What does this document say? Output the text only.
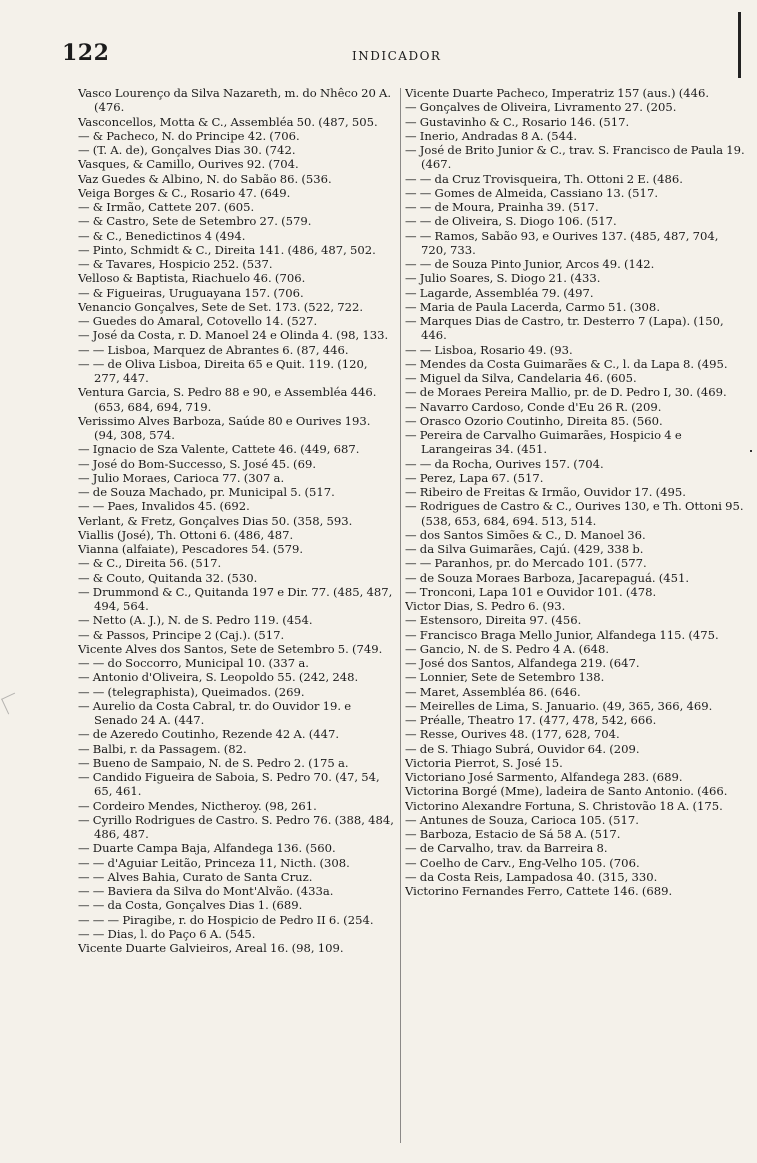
122	INDICADOR
Vasco Lourenço da Silva Nazareth, m. do Nhêco 20 A. (476.
Vasconcellos, Motta & C., Assembléa 50. (487, 505.
— & Pacheco, N. do Principe 42. (706.
— (T. A. de), Gonçalves Dias 30. (742.
Vasques, & Camillo, Ourives 92. (704.
Vaz Guedes & Albino, N. do Sabão 86. (536.
Veiga Borges & C., Rosario 47. (649.
— & Irmão, Cattete 207. (605.
— & Castro, Sete de Setembro 27. (579.
— & C., Benedictinos 4 (494.
— Pinto, Schmidt & C., Direita 141. (486, 487, 502.
— & Tavares, Hospicio 252. (537.
Velloso & Baptista, Riachuelo 46. (706.
— & Figueiras, Uruguayana 157. (706.
Venancio Gonçalves, Sete de Set. 173. (522, 722.
— Guedes do Amaral, Cotovello 14. (527.
— José da Costa, r. D. Manoel 24 e Olinda 4. (98, 133.
— — Lisboa, Marquez de Abrantes 6. (87, 446.
— — de Oliva Lisboa, Direita 65 e Quit. 119. (120, 277, 447.
Ventura Garcia, S. Pedro 88 e 90, e Assembléa 446. (653, 684, 694, 719.
Verissimo Alves Barboza, Saúde 80 e Ourives 193. (94, 308, 574.
— Ignacio de Sza Valente, Cattete 46. (449, 687.
— José do Bom-Successo, S. José 45. (69.
— Julio Moraes, Carioca 77. (307 a.
— de Souza Machado, pr. Municipal 5. (517.
— — Paes, Invalidos 45. (692.
Verlant, & Fretz, Gonçalves Dias 50. (358, 593.
Viallis (José), Th. Ottoni 6. (486, 487.
Vianna (alfaiate), Pescadores 54. (579.
— & C., Direita 56. (517.
— & Couto, Quitanda 32. (530.
— Drummond & C., Quitanda 197 e Dir. 77. (485, 487, 494, 564.
— Netto (A. J.), N. de S. Pedro 119. (454.
— & Passos, Principe 2 (Caj.). (517.
Vicente Alves dos Santos, Sete de Setembro 5. (749.
— — do Soccorro, Municipal 10. (337 a.
— Antonio d'Oliveira, S. Leopoldo 55. (242, 248.
— — (telegraphista), Queimados. (269.
— Aurelio da Costa Cabral, tr. do Ouvidor 19. e Senado 24 A. (447.
— de Azeredo Coutinho, Rezende 42 A. (447.
— Balbi, r. da Passagem. (82.
— Bueno de Sampaio, N. de S. Pedro 2. (175 a.
— Candido Figueira de Saboia, S. Pedro 70. (47, 54, 65, 461.
— Cordeiro Mendes, Nictheroy. (98, 261.
— Cyrillo Rodrigues de Castro. S. Pedro 76. (388, 484, 486, 487.
— Duarte Campa Baja, Alfandega 136. (560.
— — d'Aguiar Leitão, Princeza 11, Nicth. (308.
— — Alves Bahia, Curato de Santa Cruz.
— — Baviera da Silva do Mont'Alvão. (433a.
— — da Costa, Gonçalves Dias 1. (689.
— — — Piragibe, r. do Hospicio de Pedro II 6. (254.
— — Dias, l. do Paço 6 A. (545.
Vicente Duarte Galvieiros, Areal 16. (98, 109.
Vicente Duarte Pacheco, Imperatriz 157 (aus.) (446.
— Gonçalves de Oliveira, Livramento 27. (205.
— Gustavinho & C., Rosario 146. (517.
— Inerio, Andradas 8 A. (544.
— José de Brito Junior & C., trav. S. Francisco de Paula 19. (467.
— — da Cruz Trovisqueira, Th. Ottoni 2 E. (486.
— — Gomes de Almeida, Cassiano 13. (517.
— — de Moura, Prainha 39. (517.
— — de Oliveira, S. Diogo 106. (517.
— — Ramos, Sabão 93, e Ourives 137. (485, 487, 704, 720, 733.
— — de Souza Pinto Junior, Arcos 49. (142.
— Julio Soares, S. Diogo 21. (433.
— Lagarde, Assembléa 79. (497.
— Maria de Paula Lacerda, Carmo 51. (308.
— Marques Dias de Castro, tr. Desterro 7 (Lapa). (150, 446.
— — Lisboa, Rosario 49. (93.
— Mendes da Costa Guimarães & C., l. da Lapa 8. (495.
— Miguel da Silva, Candelaria 46. (605.
— de Moraes Pereira Mallio, pr. de D. Pedro I, 30. (469.
— Navarro Cardoso, Conde d'Eu 26 R. (209.
— Orasco Ozorio Coutinho, Direita 85. (560.
— Pereira de Carvalho Guimarães, Hospicio 4 e Larangeiras 34. (451.
— — da Rocha, Ourives 157. (704.
— Perez, Lapa 67. (517.
— Ribeiro de Freitas & Irmão, Ouvidor 17. (495.
— Rodrigues de Castro & C., Ourives 130, e Th. Ottoni 95. (538, 653, 684, 694. 513, 514.
— dos Santos Simões & C., D. Manoel 36.
— da Silva Guimarães, Cajú. (429, 338 b.
— — Paranhos, pr. do Mercado 101. (577.
— de Souza Moraes Barboza, Jacarepaguá. (451.
— Tronconi, Lapa 101 e Ouvidor 101. (478.
Victor Dias, S. Pedro 6. (93.
— Estensoro, Direita 97. (456.
— Francisco Braga Mello Junior, Alfandega 115. (475.
— Gancio, N. de S. Pedro 4 A. (648.
— José dos Santos, Alfandega 219. (647.
— Lonnier, Sete de Setembro 138.
— Maret, Assembléa 86. (646.
— Meirelles de Lima, S. Januario. (49, 365, 366, 469.
— Préalle, Theatro 17. (477, 478, 542, 666.
— Resse, Ourives 48. (177, 628, 704.
— de S. Thiago Subrá, Ouvidor 64. (209.
Victoria Pierrot, S. José 15.
Victoriano José Sarmento, Alfandega 283. (689.
Victorina Borgé (Mme), ladeira de Santo Antonio. (466.
Victorino Alexandre Fortuna, S. Christovão 18 A. (175.
— Antunes de Souza, Carioca 105. (517.
— Barboza, Estacio de Sá 58 A. (517.
— de Carvalho, trav. da Barreira 8.
— Coelho de Carv., Eng-Velho 105. (706.
— da Costa Reis, Lampadosa 40. (315, 330.
Victorino Fernandes Ferro, Cattete 146. (689.
